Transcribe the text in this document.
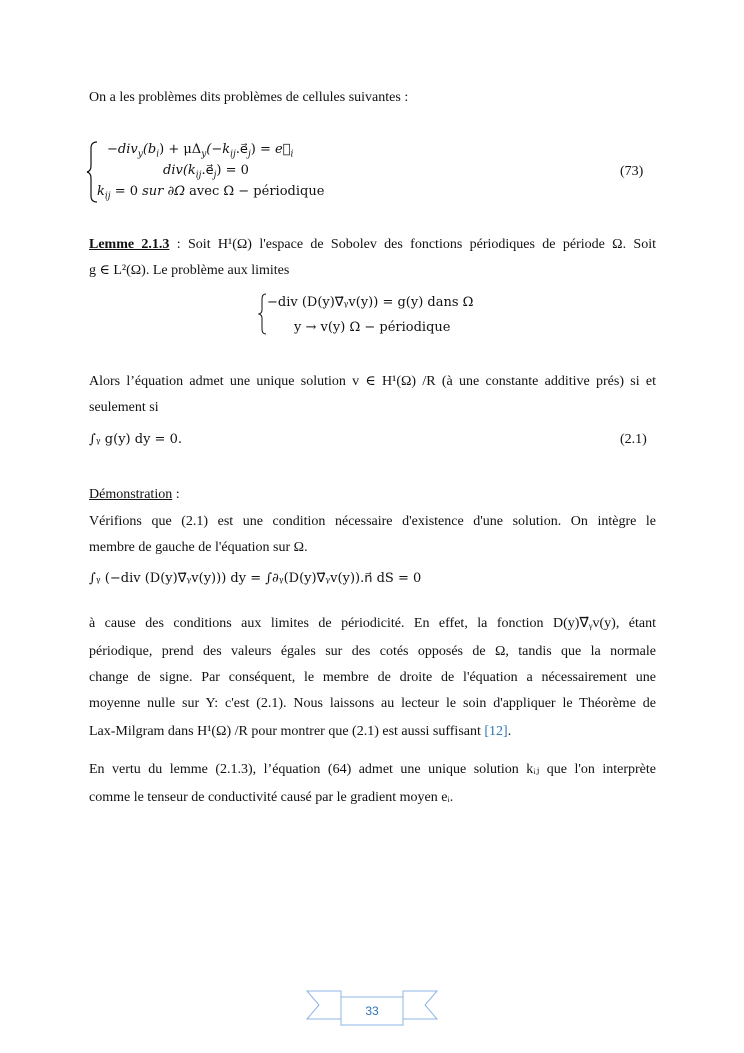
On a les problèmes dits problèmes de cellules suivantes :
$-div_y(b_i)$ + $\mu\Delta_y(-k_{ij}.e⃗_j)$ = $e⃗_i$
$div(k_{ij}.e⃗_j) = 0$
$k_{ij} = 0$ sur ∂Ω avec Ω − périodique
(73)
Lemme 2.1.3 : Soit H¹(Ω) l'espace de Sobolev des fonctions périodiques de période Ω. Soit
g ∈ L²(Ω). Le problème aux limites
−div (D(y)∇⃗ᵧv(y)) = g(y) dans Ω
y → v(y) Ω − périodique
Alors l’équation admet une unique solution v ∈ H¹(Ω) /R (à une constante additive prés) si et
seulement si
∫ᵧ g(y) dy = 0.	(2.1)
Démonstration :
Vérifions que (2.1) est une condition nécessaire d'existence d'une solution. On intègre le
membre de gauche de l'équation sur Ω.
∫ᵧ (−div (D(y)∇⃗ᵧv(y))) dy = ∫∂ᵧ(D(y)∇⃗ᵧv(y)).n⃗ dS = 0
à cause des conditions aux limites de périodicité. En effet, la fonction D(y)∇⃗ᵧv(y), étant
périodique, prend des valeurs égales sur des cotés opposés de Ω, tandis que la normale
change de signe. Par conséquent, le membre de droite de l'équation a nécessairement une
moyenne nulle sur Y: c'est (2.1). Nous laissons au lecteur le soin d'appliquer le Théorème de
Lax-Milgram dans H¹(Ω) /R pour montrer que (2.1) est aussi suffisant [12].
En vertu du lemme (2.1.3), l’équation (64) admet une unique solution kᵢⱼ que l'on interprète
comme le tenseur de conductivité causé par le gradient moyen eᵢ.
33
